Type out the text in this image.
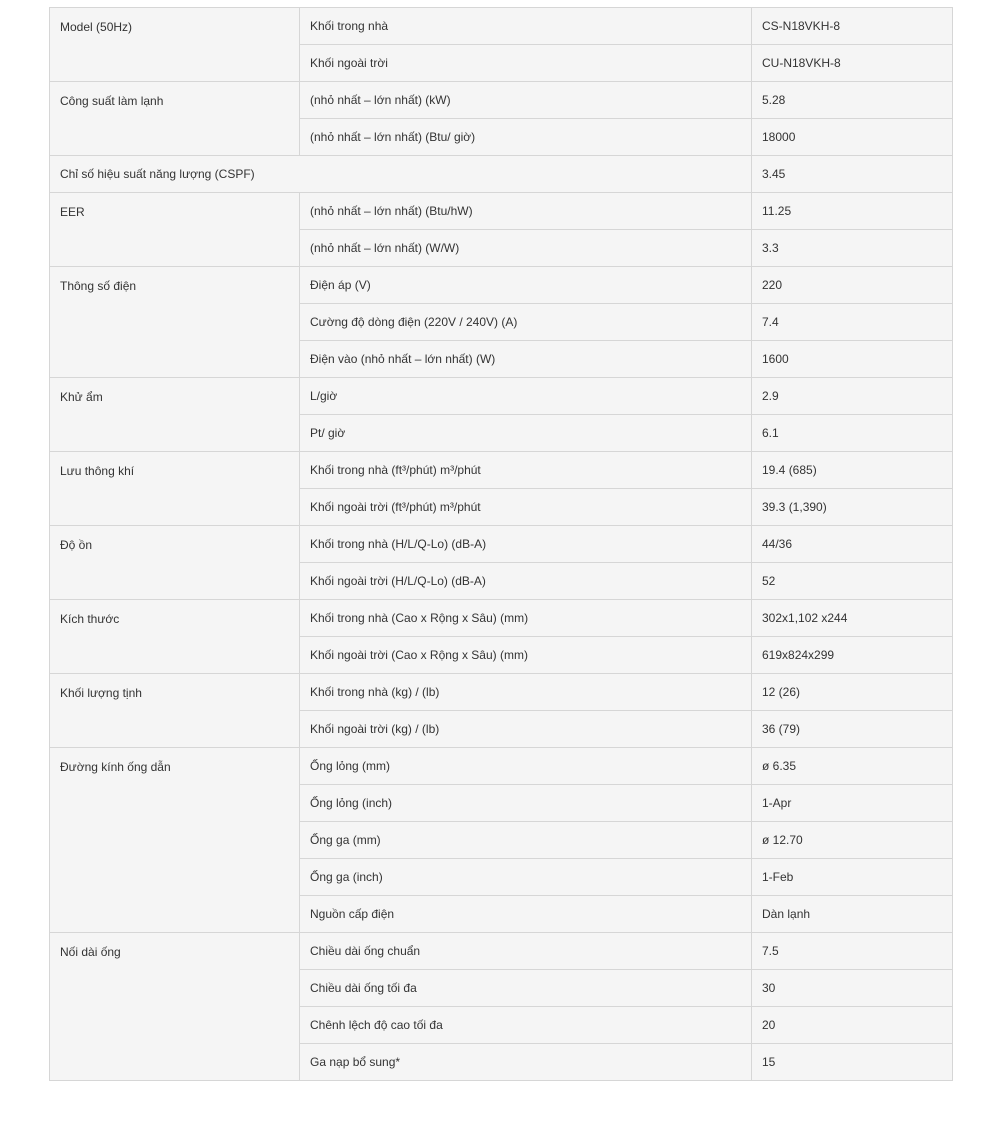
Model (50Hz)	Khối trong nhà	CS-N18VKH-8
	Khối ngoài trời	CU-N18VKH-8
Công suất làm lạnh	(nhỏ nhất – lớn nhất) (kW)	5.28
	(nhỏ nhất – lớn nhất) (Btu/ giờ)	18000
Chỉ số hiệu suất năng lượng (CSPF)		3.45
EER	(nhỏ nhất – lớn nhất) (Btu/hW)	11.25
	(nhỏ nhất – lớn nhất) (W/W)	3.3
Thông số điện	Điện áp (V)	220
	Cường độ dòng điện (220V / 240V) (A)	7.4
	Điện vào (nhỏ nhất – lớn nhất) (W)	1600
Khử ẩm	L/giờ	2.9
	Pt/ giờ	6.1
Lưu thông khí	Khối trong nhà (ft³/phút) m³/phút	19.4 (685)
	Khối ngoài trời (ft³/phút) m³/phút	39.3 (1,390)
Độ ồn	Khối trong nhà (H/L/Q-Lo) (dB-A)	44/36
	Khối ngoài trời (H/L/Q-Lo) (dB-A)	52
Kích thước	Khối trong nhà (Cao x Rộng x Sâu) (mm)	302x1,102 x244
	Khối ngoài trời (Cao x Rộng x Sâu) (mm)	619x824x299
Khối lượng tịnh	Khối trong nhà (kg) / (lb)	12 (26)
	Khối ngoài trời (kg) / (lb)	36 (79)
Đường kính ống dẫn	Ống lỏng (mm)	ø 6.35
	Ống lỏng (inch)	1-Apr
	Ống ga (mm)	ø 12.70
	Ống ga (inch)	1-Feb
	Nguồn cấp điện	Dàn lạnh
Nối dài ống	Chiều dài ống chuẩn	7.5
	Chiều dài ống tối đa	30
	Chênh lệch độ cao tối đa	20
	Ga nạp bổ sung*	15
